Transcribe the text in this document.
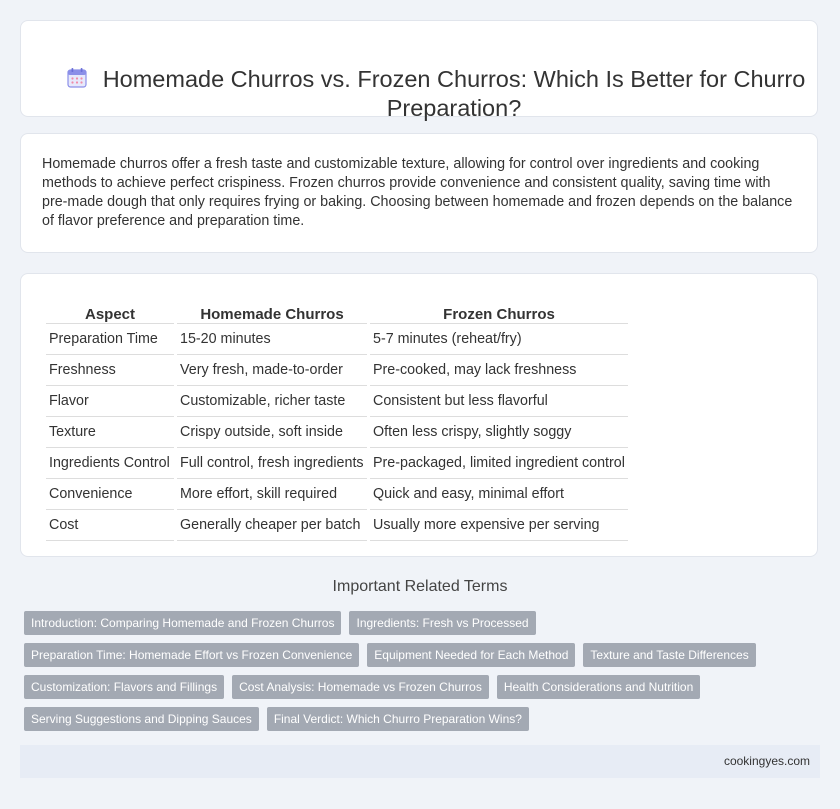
Homemade Churros vs. Frozen Churros: Which Is Better for Churro Preparation?

Homemade churros offer a fresh taste and customizable texture, allowing for control over ingredients and cooking methods to achieve perfect crispiness. Frozen churros provide convenience and consistent quality, saving time with pre-made dough that only requires frying or baking. Choosing between homemade and frozen depends on the balance of flavor preference and preparation time.

Aspect	Homemade Churros	Frozen Churros
Preparation Time	15-20 minutes	5-7 minutes (reheat/fry)
Freshness	Very fresh, made-to-order	Pre-cooked, may lack freshness
Flavor	Customizable, richer taste	Consistent but less flavorful
Texture	Crispy outside, soft inside	Often less crispy, slightly soggy
Ingredients Control	Full control, fresh ingredients	Pre-packaged, limited ingredient control
Convenience	More effort, skill required	Quick and easy, minimal effort
Cost	Generally cheaper per batch	Usually more expensive per serving
Important Related Terms
Introduction: Comparing Homemade and Frozen Churros	Ingredients: Fresh vs Processed
Preparation Time: Homemade Effort vs Frozen Convenience	Equipment Needed for Each Method	Texture and Taste Differences
Customization: Flavors and Fillings	Cost Analysis: Homemade vs Frozen Churros	Health Considerations and Nutrition
Serving Suggestions and Dipping Sauces	Final Verdict: Which Churro Preparation Wins?
cookingyes.com
